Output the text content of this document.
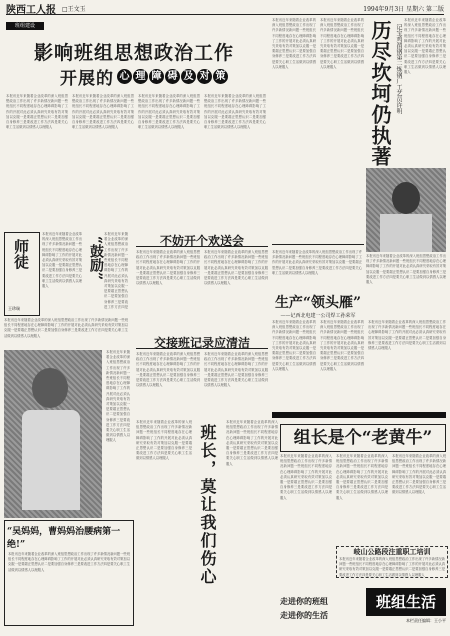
陕西工人报 □王文玉	1994年9月3日 星期六 第二版
班组建设
影响班组思想政治工作
开展的 心 理 障 碍 及 对 策
本报讯近年来随着企业改革的深入班组思想政治工作出现了许多新情况新问题一些班组长不同程度地存在心理障碍影响了工作的开展对此必须认真研究采取有效对策加以克服一是要端正思想认识二是要加强自身修养三是要改进工作方法四是要关心职工生活做到以情感人以理服人
本报讯近年来随着企业改革的深入班组思想政治工作出现了许多新情况新问题一些班组长不同程度地存在心理障碍影响了工作的开展对此必须认真研究采取有效对策加以克服一是要端正思想认识二是要加强自身修养三是要改进工作方法四是要关心职工生活做到以情感人以理服人
本报讯近年来随着企业改革的深入班组思想政治工作出现了许多新情况新问题一些班组长不同程度地存在心理障碍影响了工作的开展对此必须认真研究采取有效对策加以克服一是要端正思想认识二是要加强自身修养三是要改进工作方法四是要关心职工生活做到以情感人以理服人
本报讯近年来随着企业改革的深入班组思想政治工作出现了许多新情况新问题一些班组长不同程度地存在心理障碍影响了工作的开展对此必须认真研究采取有效对策加以克服一是要端正思想认识二是要加强自身修养三是要改进工作方法四是要关心职工生活做到以情感人以理服人
师徒
王珍瑞
本报讯近年来随着企业改革的深入班组思想政治工作出现了许多新情况新问题一些班组长不同程度地存在心理障碍影响了工作的开展对此必须认真研究采取有效对策加以克服一是要端正思想认识二是要加强自身修养三是要改进工作方法四是要关心职工生活做到以情感人以理服人
“鼓励”
本报讯近年来随着企业改革的深入班组思想政治工作出现了许多新情况新问题一些班组长不同程度地存在心理障碍影响了工作的开展对此必须认真研究采取有效对策加以克服一是要端正思想认识二是要加强自身修养三是要改进工作方法四是
本报讯近年来随着企业改革的深入班组思想政治工作出现了许多新情况新问题一些班组长不同程度地存在心理障碍影响了工作的开展对此必须认真研究采取有效对策加以克服一是要端正思想认识二是要加强自身修养三是要改进工作方法四是要关心职工生活做到以情感人以理服人
本报讯近年来随着企业改革的深入班组思想政治工作出现了许多新情况新问题一些班组长不同程度地存在心理障碍影响了工作的开展对此必须认真研究采取有效对策加以克服一是要端正思想认识二是要加强自身修养三是要改进工作方法四是要关心职工生活做到以情感人以理服人
“吴妈妈，曹妈妈治腰病第一绝!”
本报讯近年来随着企业改革的深入班组思想政治工作出现了许多新情况新问题一些班组长不同程度地存在心理障碍影响了工作的开展对此必须认真研究采取有效对策加以克服一是要端正思想认识二是要加强自身修养三是要改进工作方法四是要关心职工生活做到以情感人以理服人
不妨开个欢送会
本报讯近年来随着企业改革的深入班组思想政治工作出现了许多新情况新问题一些班组长不同程度地存在心理障碍影响了工作的开展对此必须认真研究采取有效对策加以克服一是要端正思想认识二是要加强自身修养三是要改进工作方法四是要关心职工生活做到以情感人以理服人
本报讯近年来随着企业改革的深入班组思想政治工作出现了许多新情况新问题一些班组长不同程度地存在心理障碍影响了工作的开展对此必须认真研究采取有效对策加以克服一是要端正思想认识二是要加强自身修养三是要改进工作方法四是要关心职工生活做到以情感人以理服人
交接班记录应清洁
本报讯近年来随着企业改革的深入班组思想政治工作出现了许多新情况新问题一些班组长不同程度地存在心理障碍影响了工作的开展对此必须认真研究采取有效对策加以克服一是要端正思想认识二是要加强自身修养三是要改进工作方法四是要关心职工生活做到以情感人以理服人
本报讯近年来随着企业改革的深入班组思想政治工作出现了许多新情况新问题一些班组长不同程度地存在心理障碍影响了工作的开展对此必须认真研究采取有效对策加以克服一是要端正思想认识二是要加强自身修养三是要改进工作方法四是要关心职工生活做到以情感人以理服人
本报讯近年来随着企业改革的深入班组思想政治工作出现了许多新情况新问题一些班组长不同程度地存在心理障碍影响了工作的开展对此必须认真研究采取有效对策加以克服一是要端正思想认识二是要加强自身修养三是要改进工作方法四是要关心职工生活做到以情感人以理服人	班长，莫让我们伤心
本报讯近年来随着企业改革的深入班组思想政治工作出现了许多新情况新问题一些班组长不同程度地存在心理障碍影响了工作的开展对此必须认真研究采取有效对策加以克服一是要端正思想认识二是要加强自身修养三是要改进工作方法四是要关心职工生活做到以情感人以理服人
本报讯近年来随着企业改革的深入班组思想政治工作出现了许多新情况新问题一些班组长不同程度地存在心理障碍影响了工作的开展对此必须认真研究采取有效对策加以克服一是要端正思想认识二是要加强自身修养三是要改进工作方法四是要关心职工生活做到以情感人以理服人
本报讯近年来随着企业改革的深入班组思想政治工作出现了许多新情况新问题一些班组长不同程度地存在心理障碍影响了工作的开展对此必须认真研究采取有效对策加以克服一是要端正思想认识二是要加强自身修养三是要改进工作方法四是要关心职工生活做到以情感人以理服人	历尽坎坷仍执著 记宝鸡渭钢第二炼钢厂工艺员许明
本报讯近年来随着企业改革的深入班组思想政治工作出现了许多新情况新问题一些班组长不同程度地存在心理障碍影响了工作的开展对此必须认真研究采取有效对策加以克服一是要端正思想认识二是要加强自身修养三是要改进工作方法四是要关心职工生活做到以情感人以理服人
本报讯近年来随着企业改革的深入班组思想政治工作出现了许多新情况新问题一些班组长不同程度地存在心理障碍影响了工作的开展对此必须认真研究采取有效对策加以克服一是要端正思想认识二是要加强自身修养三是要改进工作方法四是要关心职工生活做到以情感人以理服人
本报讯近年来随着企业改革的深入班组思想政治工作出现了许多新情况新问题一些班组长不同程度地存在心理障碍影响了工作的开展对此必须认真研究采取有效对策加以克服一是要端正思想认识二是要加强自身修养三是要改进工作方法四是要关心职工生活做到以情感人以理服人
生产“领头雁”
——记西北电建一公司焊工孙荣军
本报讯近年来随着企业改革的深入班组思想政治工作出现了许多新情况新问题一些班组长不同程度地存在心理障碍影响了工作的开展对此必须认真研究采取有效对策加以克服一是要端正思想认识二是要加强自身修养三是要改进工作方法四是要关心职工生活做到以情感人以理服人
本报讯近年来随着企业改革的深入班组思想政治工作出现了许多新情况新问题一些班组长不同程度地存在心理障碍影响了工作的开展对此必须认真研究采取有效对策加以克服一是要端正思想认识二是要加强自身修养三是要改进工作方法四是要关心职工生活做到以情感人以理服人
本报讯近年来随着企业改革的深入班组思想政治工作出现了许多新情况新问题一些班组长不同程度地存在心理障碍影响了工作的开展对此必须认真研究采取有效对策加以克服一是要端正思想认识二是要加强自身修养三是要改进工作方法四是要关心职工生活做到以情感人以理服人
组长是个“老黄牛”
本报讯近年来随着企业改革的深入班组思想政治工作出现了许多新情况新问题一些班组长不同程度地存在心理障碍影响了工作的开展对此必须认真研究采取有效对策加以克服一是要端正思想认识二是要加强自身修养三是要改进工作方法四是要关心职工生活做到以情感人以理服人
本报讯近年来随着企业改革的深入班组思想政治工作出现了许多新情况新问题一些班组长不同程度地存在心理障碍影响了工作的开展对此必须认真研究采取有效对策加以克服一是要端正思想认识二是要加强自身修养三是要改进工作方法四是要关心职工生活做到以情感人以理服人
本报讯近年来随着企业改革的深入班组思想政治工作出现了许多新情况新问题一些班组长不同程度地存在心理障碍影响了工作的开展对此必须认真研究采取有效对策加以克服一是要端正思想认识二是要加强自身修养三是要改进工作方法四是要关心职工生活做到以情感人以理服人
岐山公路段注重职工培训
本报讯近年来随着企业改革的深入班组思想政治工作出现了许多新情况新问题一些班组长不同程度地存在心理障碍影响了工作的开展对此必须认真研究采取有效对策加以克服一是要端正思想认识二是要加强自身修养三是要改进工作方法四是要关心职工生活做到以情感人以理服人
走进你的班组
走进你的生活
班组生活
本栏责任编辑：王小平
